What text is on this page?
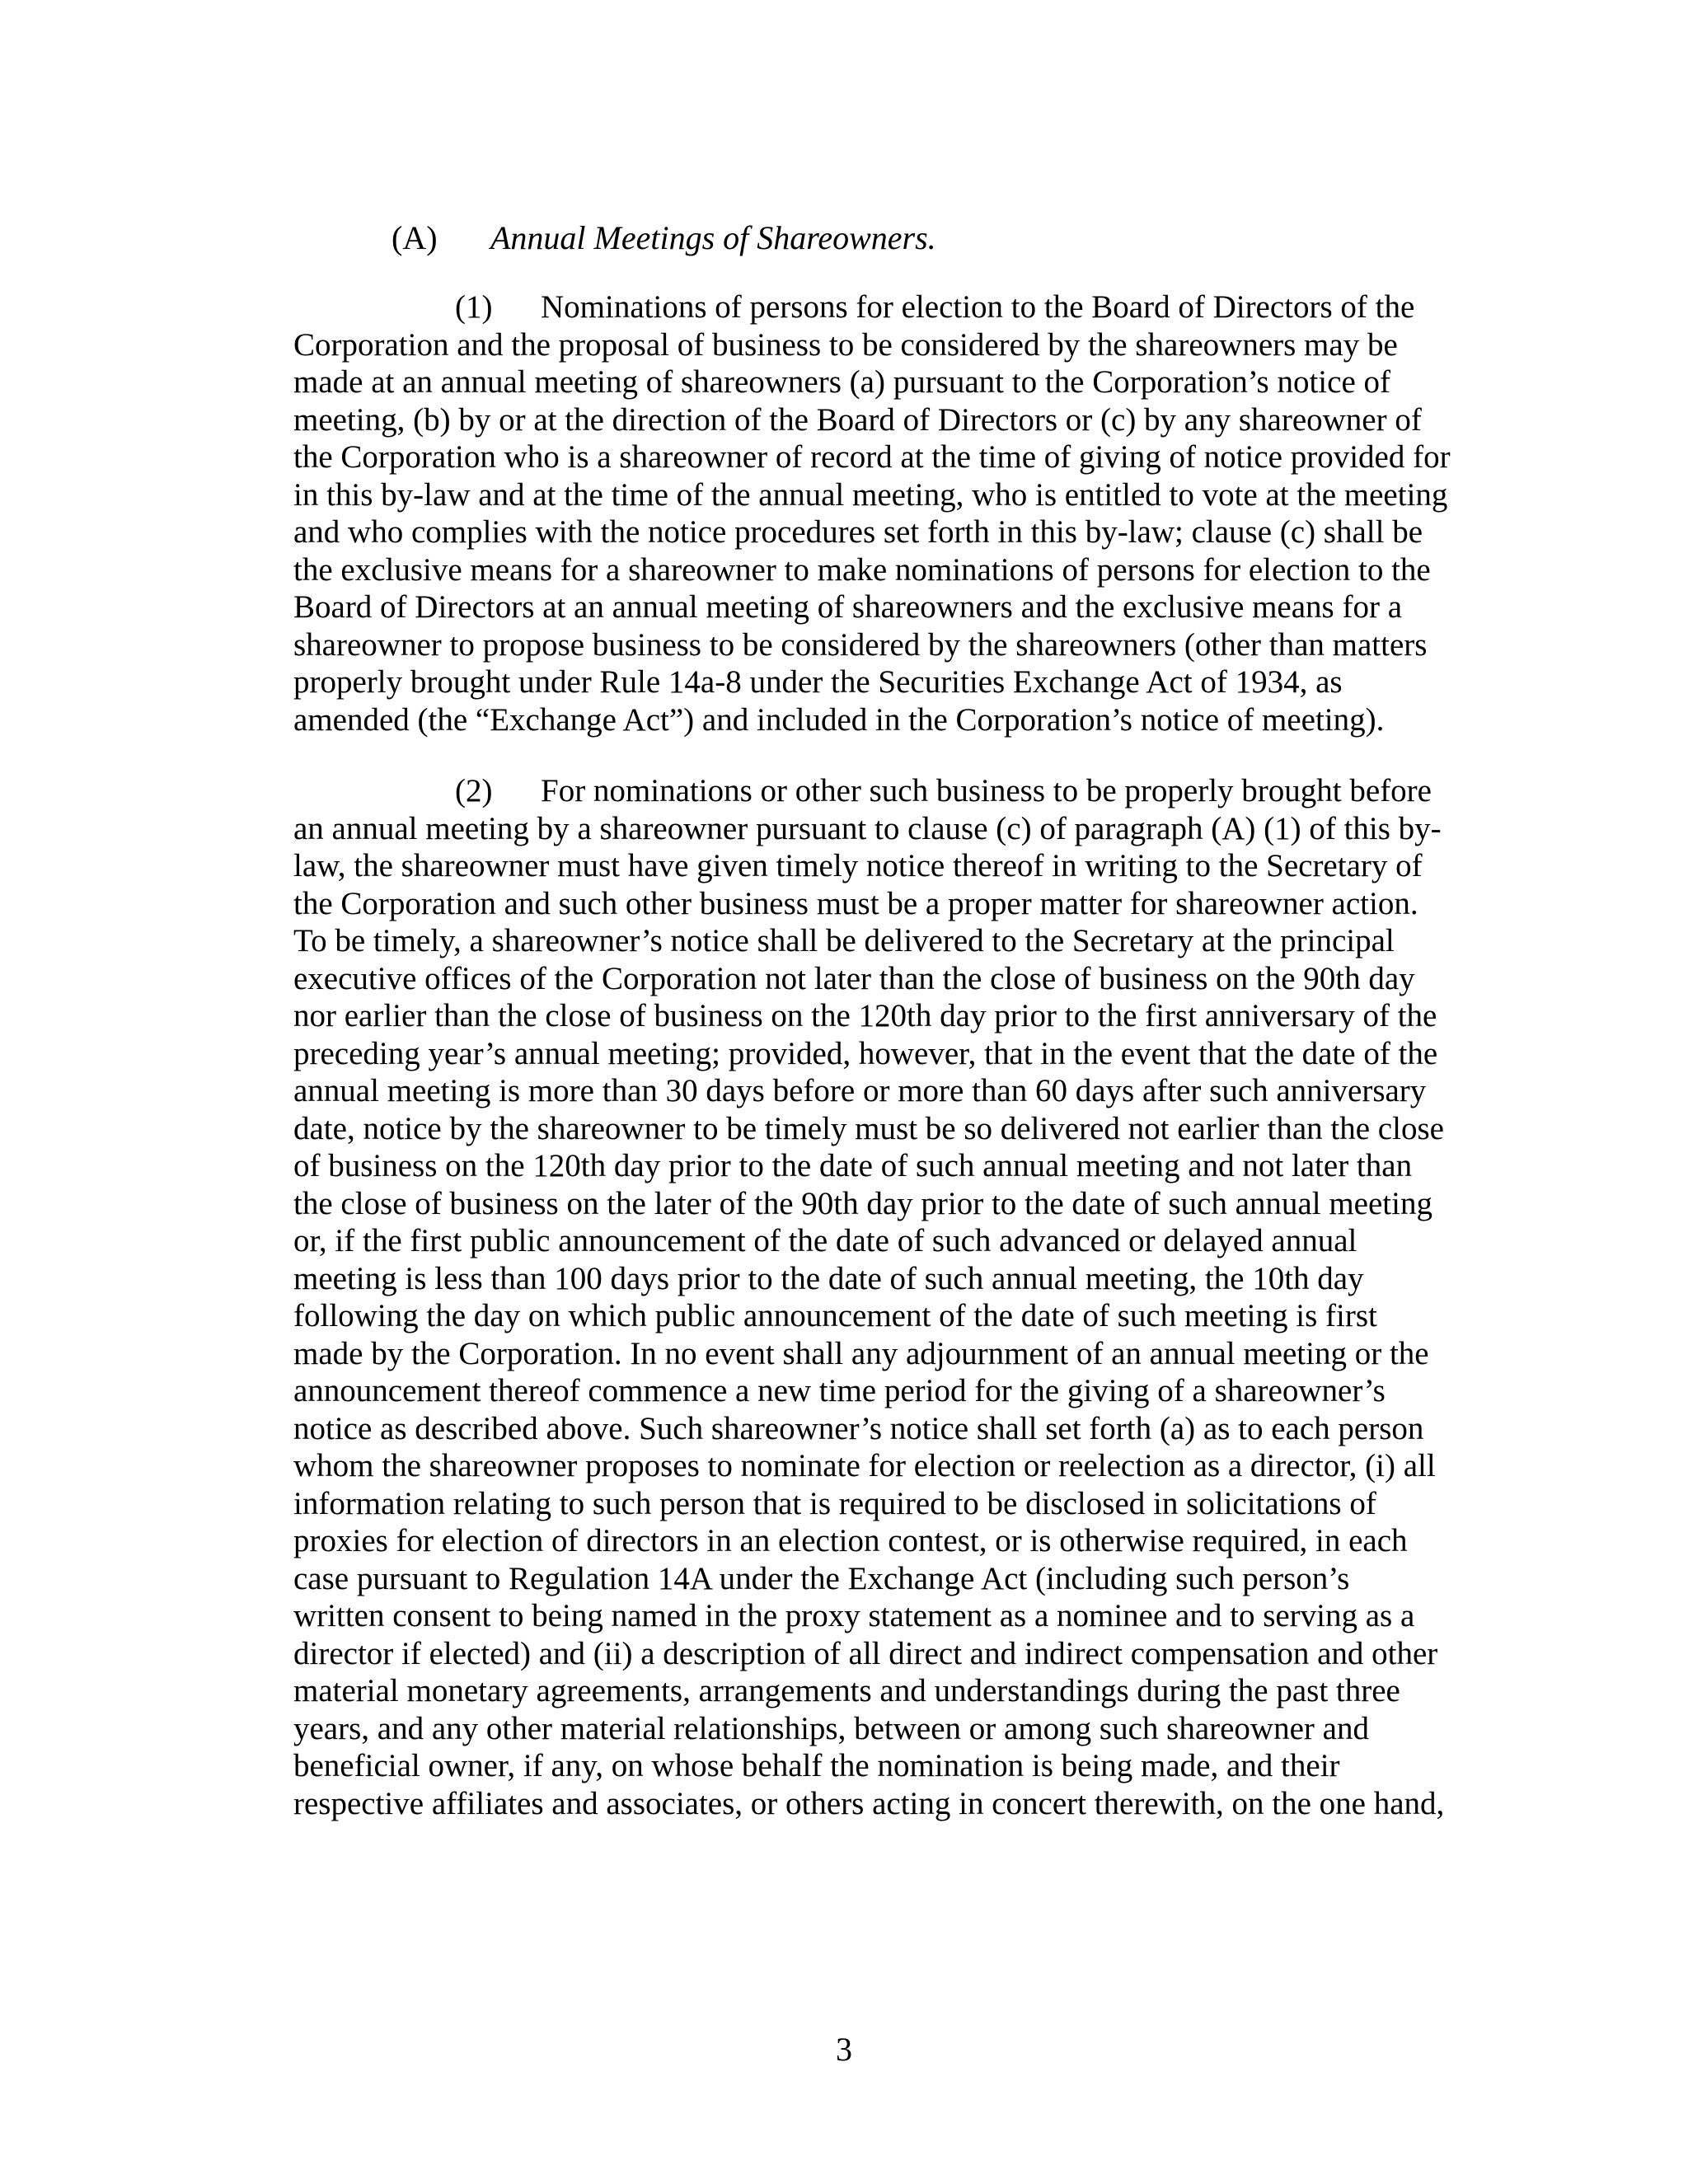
(A) Annual Meetings of Shareowners.
(1) Nominations of persons for election to the Board of Directors of the
Corporation and the proposal of business to be considered by the shareowners may be
made at an annual meeting of shareowners (a) pursuant to the Corporation’s notice of
meeting, (b) by or at the direction of the Board of Directors or (c) by any shareowner of
the Corporation who is a shareowner of record at the time of giving of notice provided for
in this by-law and at the time of the annual meeting, who is entitled to vote at the meeting
and who complies with the notice procedures set forth in this by-law; clause (c) shall be
the exclusive means for a shareowner to make nominations of persons for election to the
Board of Directors at an annual meeting of shareowners and the exclusive means for a
shareowner to propose business to be considered by the shareowners (other than matters
properly brought under Rule 14a-8 under the Securities Exchange Act of 1934, as
amended (the “Exchange Act”) and included in the Corporation’s notice of meeting).
(2) For nominations or other such business to be properly brought before
an annual meeting by a shareowner pursuant to clause (c) of paragraph (A) (1) of this by-
law, the shareowner must have given timely notice thereof in writing to the Secretary of
the Corporation and such other business must be a proper matter for shareowner action.
To be timely, a shareowner’s notice shall be delivered to the Secretary at the principal
executive offices of the Corporation not later than the close of business on the 90th day
nor earlier than the close of business on the 120th day prior to the first anniversary of the
preceding year’s annual meeting; provided, however, that in the event that the date of the
annual meeting is more than 30 days before or more than 60 days after such anniversary
date, notice by the shareowner to be timely must be so delivered not earlier than the close
of business on the 120th day prior to the date of such annual meeting and not later than
the close of business on the later of the 90th day prior to the date of such annual meeting
or, if the first public announcement of the date of such advanced or delayed annual
meeting is less than 100 days prior to the date of such annual meeting, the 10th day
following the day on which public announcement of the date of such meeting is first
made by the Corporation. In no event shall any adjournment of an annual meeting or the
announcement thereof commence a new time period for the giving of a shareowner’s
notice as described above. Such shareowner’s notice shall set forth (a) as to each person
whom the shareowner proposes to nominate for election or reelection as a director, (i) all
information relating to such person that is required to be disclosed in solicitations of
proxies for election of directors in an election contest, or is otherwise required, in each
case pursuant to Regulation 14A under the Exchange Act (including such person’s
written consent to being named in the proxy statement as a nominee and to serving as a
director if elected) and (ii) a description of all direct and indirect compensation and other
material monetary agreements, arrangements and understandings during the past three
years, and any other material relationships, between or among such shareowner and
beneficial owner, if any, on whose behalf the nomination is being made, and their
respective affiliates and associates, or others acting in concert therewith, on the one hand,
3
